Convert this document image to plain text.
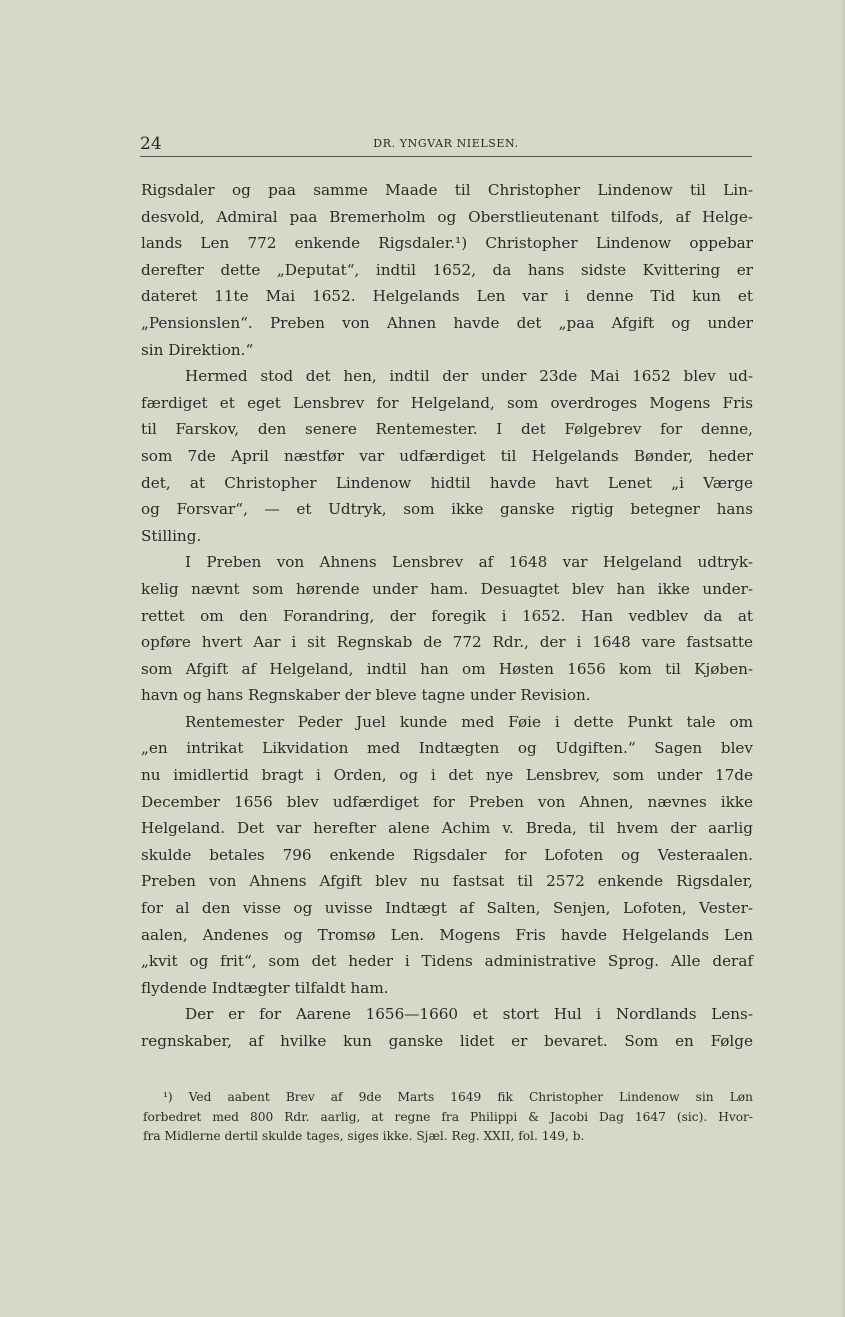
24	DR. YNGVAR NIELSEN.
Rigsdaler og paa samme Maade til Christopher Lindenow til Lin-
desvold, Admiral paa Bremerholm og Oberstlieutenant tilfods, af Helge-
lands Len 772 enkende Rigsdaler.¹) Christopher Lindenow oppebar
derefter dette „Deputat“, indtil 1652, da hans sidste Kvittering er
dateret 11te Mai 1652. Helgelands Len var i denne Tid kun et
„Pensionslen“. Preben von Ahnen havde det „paa Afgift og under
sin Direktion.“
Hermed stod det hen, indtil der under 23de Mai 1652 blev ud-
færdiget et eget Lensbrev for Helgeland, som overdroges Mogens Fris
til Farskov, den senere Rentemester. I det Følgebrev for denne,
som 7de April næstfør var udfærdiget til Helgelands Bønder, heder
det, at Christopher Lindenow hidtil havde havt Lenet „i Værge
og Forsvar“, — et Udtryk, som ikke ganske rigtig betegner hans
Stilling.
I Preben von Ahnens Lensbrev af 1648 var Helgeland udtryk-
kelig nævnt som hørende under ham. Desuagtet blev han ikke under-
rettet om den Forandring, der foregik i 1652. Han vedblev da at
opføre hvert Aar i sit Regnskab de 772 Rdr., der i 1648 vare fastsatte
som Afgift af Helgeland, indtil han om Høsten 1656 kom til Kjøben-
havn og hans Regnskaber der bleve tagne under Revision.
Rentemester Peder Juel kunde med Føie i dette Punkt tale om
„en intrikat Likvidation med Indtægten og Udgiften.“ Sagen blev
nu imidlertid bragt i Orden, og i det nye Lensbrev, som under 17de
December 1656 blev udfærdiget for Preben von Ahnen, nævnes ikke
Helgeland. Det var herefter alene Achim v. Breda, til hvem der aarlig
skulde betales 796 enkende Rigsdaler for Lofoten og Vesteraalen.
Preben von Ahnens Afgift blev nu fastsat til 2572 enkende Rigsdaler,
for al den visse og uvisse Indtægt af Salten, Senjen, Lofoten, Vester-
aalen, Andenes og Tromsø Len. Mogens Fris havde Helgelands Len
„kvit og frit“, som det heder i Tidens administrative Sprog. Alle deraf
flydende Indtægter tilfaldt ham.
Der er for Aarene 1656—1660 et stort Hul i Nordlands Lens-
regnskaber, af hvilke kun ganske lidet er bevaret. Som en Følge
¹) Ved aabent Brev af 9de Marts 1649 fik Christopher Lindenow sin Løn
forbedret med 800 Rdr. aarlig, at regne fra Philippi & Jacobi Dag 1647 (sic). Hvor-
fra Midlerne dertil skulde tages, siges ikke. Sjæl. Reg. XXII, fol. 149, b.
